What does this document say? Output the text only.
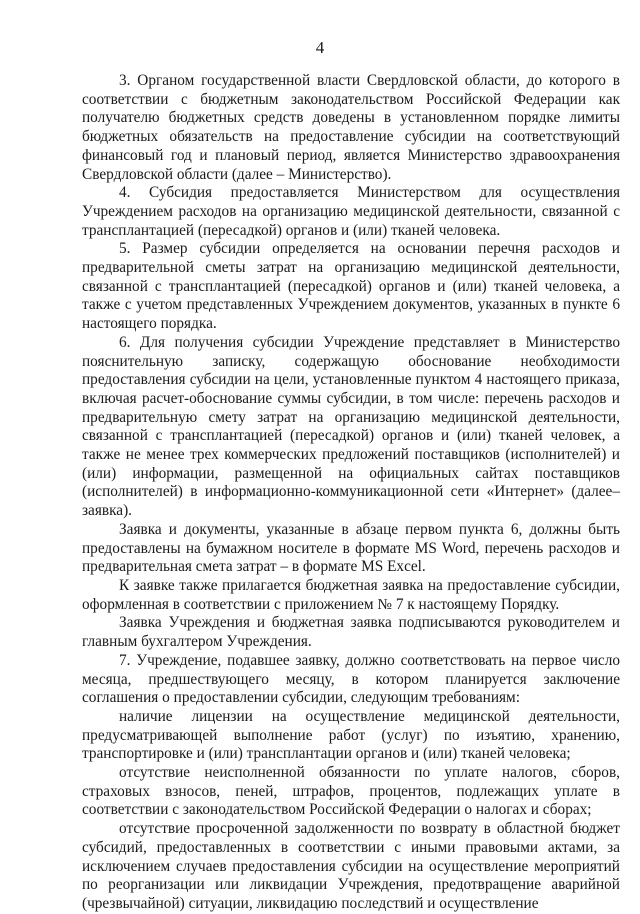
4

3. Органом государственной власти Свердловской области, до которого в соответствии с бюджетным законодательством Российской Федерации как получателю бюджетных средств доведены в установленном порядке лимиты бюджетных обязательств на предоставление субсидии на соответствующий финансовый год и плановый период, является Министерство здравоохранения Свердловской области (далее – Министерство).

4. Субсидия предоставляется Министерством для осуществления Учреждением расходов на организацию медицинской деятельности, связанной с трансплантацией (пересадкой) органов и (или) тканей человека.

5. Размер субсидии определяется на основании перечня расходов и предварительной сметы затрат на организацию медицинской деятельности, связанной с трансплантацией (пересадкой) органов и (или) тканей человека, а также с учетом представленных Учреждением документов, указанных в пункте 6 настоящего порядка.

6. Для получения субсидии Учреждение представляет в Министерство пояснительную записку, содержащую обоснование необходимости предоставления субсидии на цели, установленные пунктом 4 настоящего приказа, включая расчет-обоснование суммы субсидии, в том числе: перечень расходов и предварительную смету затрат на организацию медицинской деятельности, связанной с трансплантацией (пересадкой) органов и (или) тканей человек, а также не менее трех коммерческих предложений поставщиков (исполнителей) и (или) информации, размещенной на официальных сайтах поставщиков (исполнителей) в информационно-коммуникационной сети «Интернет» (далее–заявка).

Заявка и документы, указанные в абзаце первом пункта 6, должны быть предоставлены на бумажном носителе в формате MS Word, перечень расходов и предварительная смета затрат – в формате MS Excel.

К заявке также прилагается бюджетная заявка на предоставление субсидии, оформленная в соответствии с приложением № 7 к настоящему Порядку.

Заявка Учреждения и бюджетная заявка подписываются руководителем и главным бухгалтером Учреждения.

7. Учреждение, подавшее заявку, должно соответствовать на первое число месяца, предшествующего месяцу, в котором планируется заключение соглашения о предоставлении субсидии, следующим требованиям:

наличие лицензии на осуществление медицинской деятельности, предусматривающей выполнение работ (услуг) по изъятию, хранению, транспортировке и (или) трансплантации органов и (или) тканей человека;

отсутствие неисполненной обязанности по уплате налогов, сборов, страховых взносов, пеней, штрафов, процентов, подлежащих уплате в соответствии с законодательством Российской Федерации о налогах и сборах;

отсутствие просроченной задолженности по возврату в областной бюджет субсидий, предоставленных в соответствии с иными правовыми актами, за исключением случаев предоставления субсидии на осуществление мероприятий по реорганизации или ликвидации Учреждения, предотвращение аварийной (чрезвычайной) ситуации, ликвидацию последствий и осуществление
